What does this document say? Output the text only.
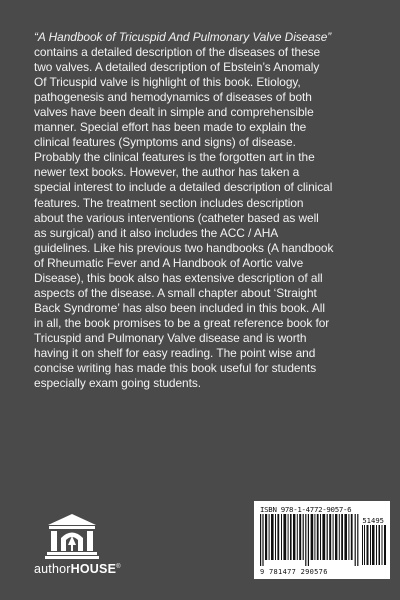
“A Handbook of Tricuspid And Pulmonary Valve Disease” contains a detailed description of the diseases of these two valves. A detailed description of Ebstein’s Anomaly Of Tricuspid valve is highlight of this book. Etiology, pathogenesis and hemodynamics of diseases of both valves have been dealt in simple and comprehensible manner. Special effort has been made to explain the clinical features (Symptoms and signs) of disease. Probably the clinical features is the forgotten art in the newer text books. However, the author has taken a special interest to include a detailed description of clinical features. The treatment section includes description about the various interventions (catheter based as well as surgical) and it also includes the ACC / AHA guidelines. Like his previous two handbooks (A handbook of Rheumatic Fever and A Handbook of Aortic valve Disease), this book also has extensive description of all aspects of the disease. A small chapter about ‘Straight Back Syndrome’ has also been included in this book. All in all, the book promises to be a great reference book for Tricuspid and Pulmonary Valve disease and is worth having it on shelf for easy reading. The point wise and concise writing has made this book useful for students especially exam going students.

authorHOUSE®
ISBN 978-1-4772-9057-6
51495
9 781477 290576
